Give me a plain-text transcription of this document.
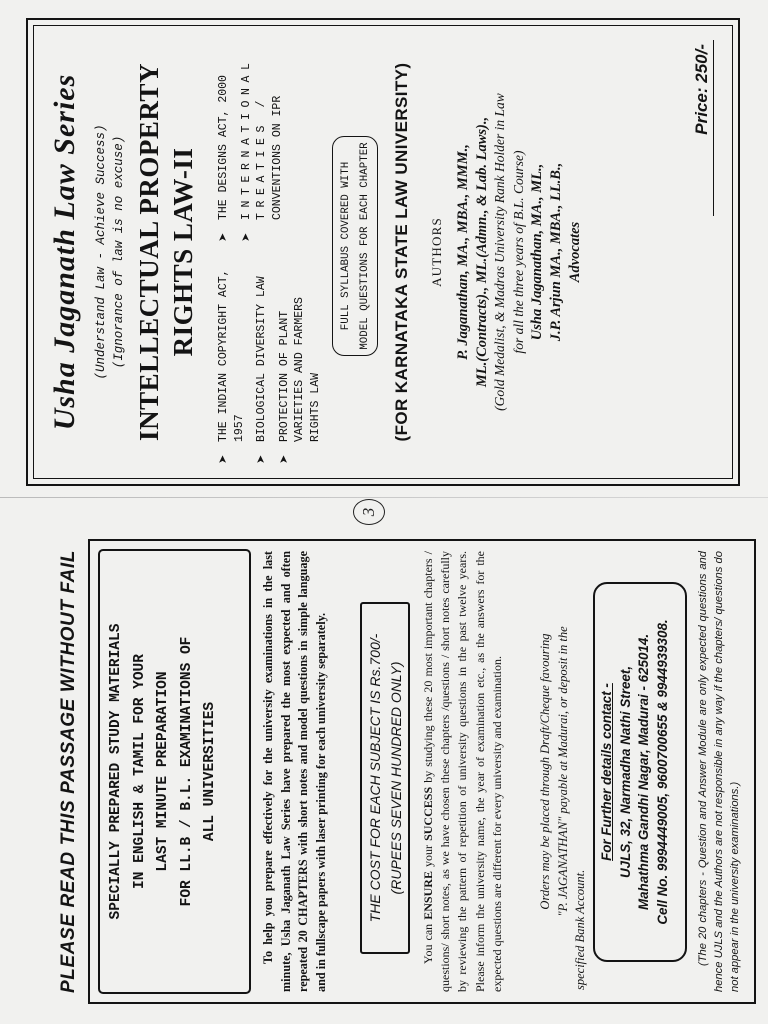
PLEASE READ THIS PASSAGE WITHOUT FAIL	SPECIALLY PREPARED STUDY MATERIALS IN ENGLISH & TAMIL FOR YOUR LAST MINUTE PREPARATION FOR LL.B / B.L. EXAMINATIONS OF ALL UNIVERSITIES	To help you prepare effectively for the university examinations in the last minute, Usha Jaganath Law Series have prepared the most expected and often repeated 20 CHAPTERS with short notes and model questions in simple language and in fullscape papers with laser printing for each university separately.	THE COST FOR EACH SUBJECT IS Rs.700/- (RUPEES SEVEN HUNDRED ONLY)
You can ENSURE your SUCCESS by studying these 20 most important chapters / questions/ short notes, as we have chosen these chapters /questions / short notes carefully by reviewing the pattern of repetition of university questions in the past twelve years. Please inform the university name, the year of examination etc., as the answers for the expected questions are different for every university and examination.	Orders may be placed through Draft/Cheque favouring "P. JAGANATHAN" payable at Madurai, or deposit in the
specified Bank Account.
For Further details contact - UJLS, 32, Narmadha Nathi Street, Mahathma Gandhi Nagar, Madurai - 625014. Cell No. 9994449005, 9600700655 & 9944939308. (The 20 chapters - Question and Answer Module are only expected questions and hence UJLS and the Authors are not responsible in any way if the chapters/ questions do not appear in the university examinations.)
3
Usha Jaganath Law Series (Understand Law - Achieve Success) (Ignorance of law is no excuse) INTELLECTUAL PROPERTY RIGHTS LAW-II
➤
THE INDIAN COPYRIGHT ACT, 1957
➤
BIOLOGICAL DIVERSITY LAW
➤
PROTECTION OF PLANT VARIETIES AND FARMERS RIGHTS LAW
➤
THE DESIGNS ACT, 2000
➤
INTERNATIONAL TREATIES / CONVENTIONS ON IPR
FULL SYLLABUS COVERED WITH MODEL QUESTIONS FOR EACH CHAPTER (FOR KARNATAKA STATE LAW UNIVERSITY) AUTHORS P. Jaganathan, MA., MBA., MMM., ML.(Contracts)., ML.(Admn., & Lab. Laws)., (Gold Medalist, & Madras University Rank Holder in Law for all the three years of B.L. Course) Usha Jaganathan, MA., ML., J.P. Arjun MA., MBA., LL.B., Advocates
Price: 250/-
